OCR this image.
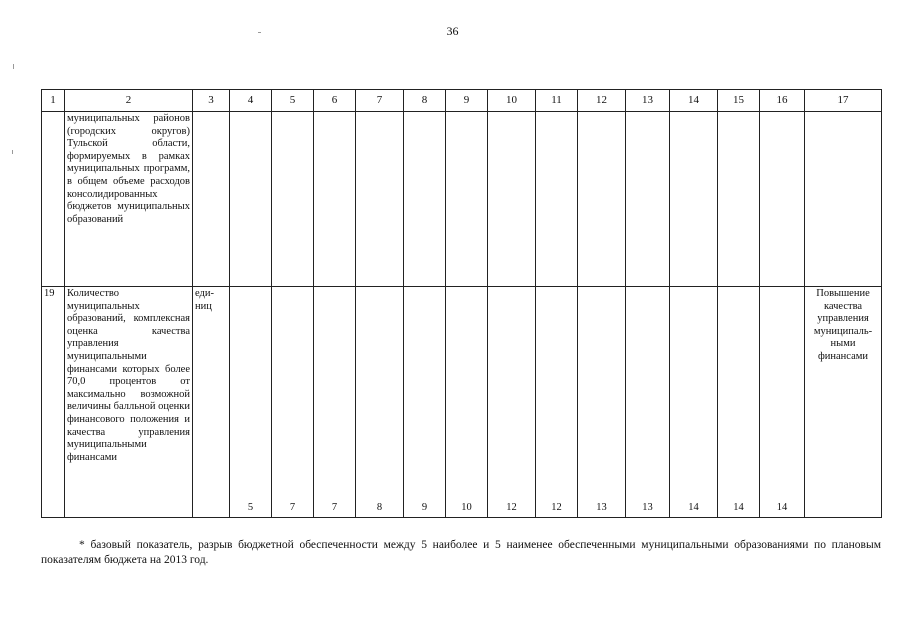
36
1	2	3	4	5	6	7	8	9	10	11	12	13	14	15	16	17
	муниципальных районов (городских округов) Тульской области, формируемых в рамках муниципальных программ, в общем объеме расходов консолидированных бюджетов муниципальных образований															
19	Количество муниципальных образований, комплексная оценка качества управления муниципальными финансами которых более 70,0 процентов от максимально возможной величины балльной оценки финансового положения и качества управления муниципальными финансами	еди-ниц	5	7	7	8	9	10	12	12	13	13	14	14	14	Повышение качества управления муниципаль-ными финансами
* базовый показатель, разрыв бюджетной обеспеченности между 5 наиболее и 5 наименее обеспеченными муниципальными образованиями по плановым показателям бюджета на 2013 год.
